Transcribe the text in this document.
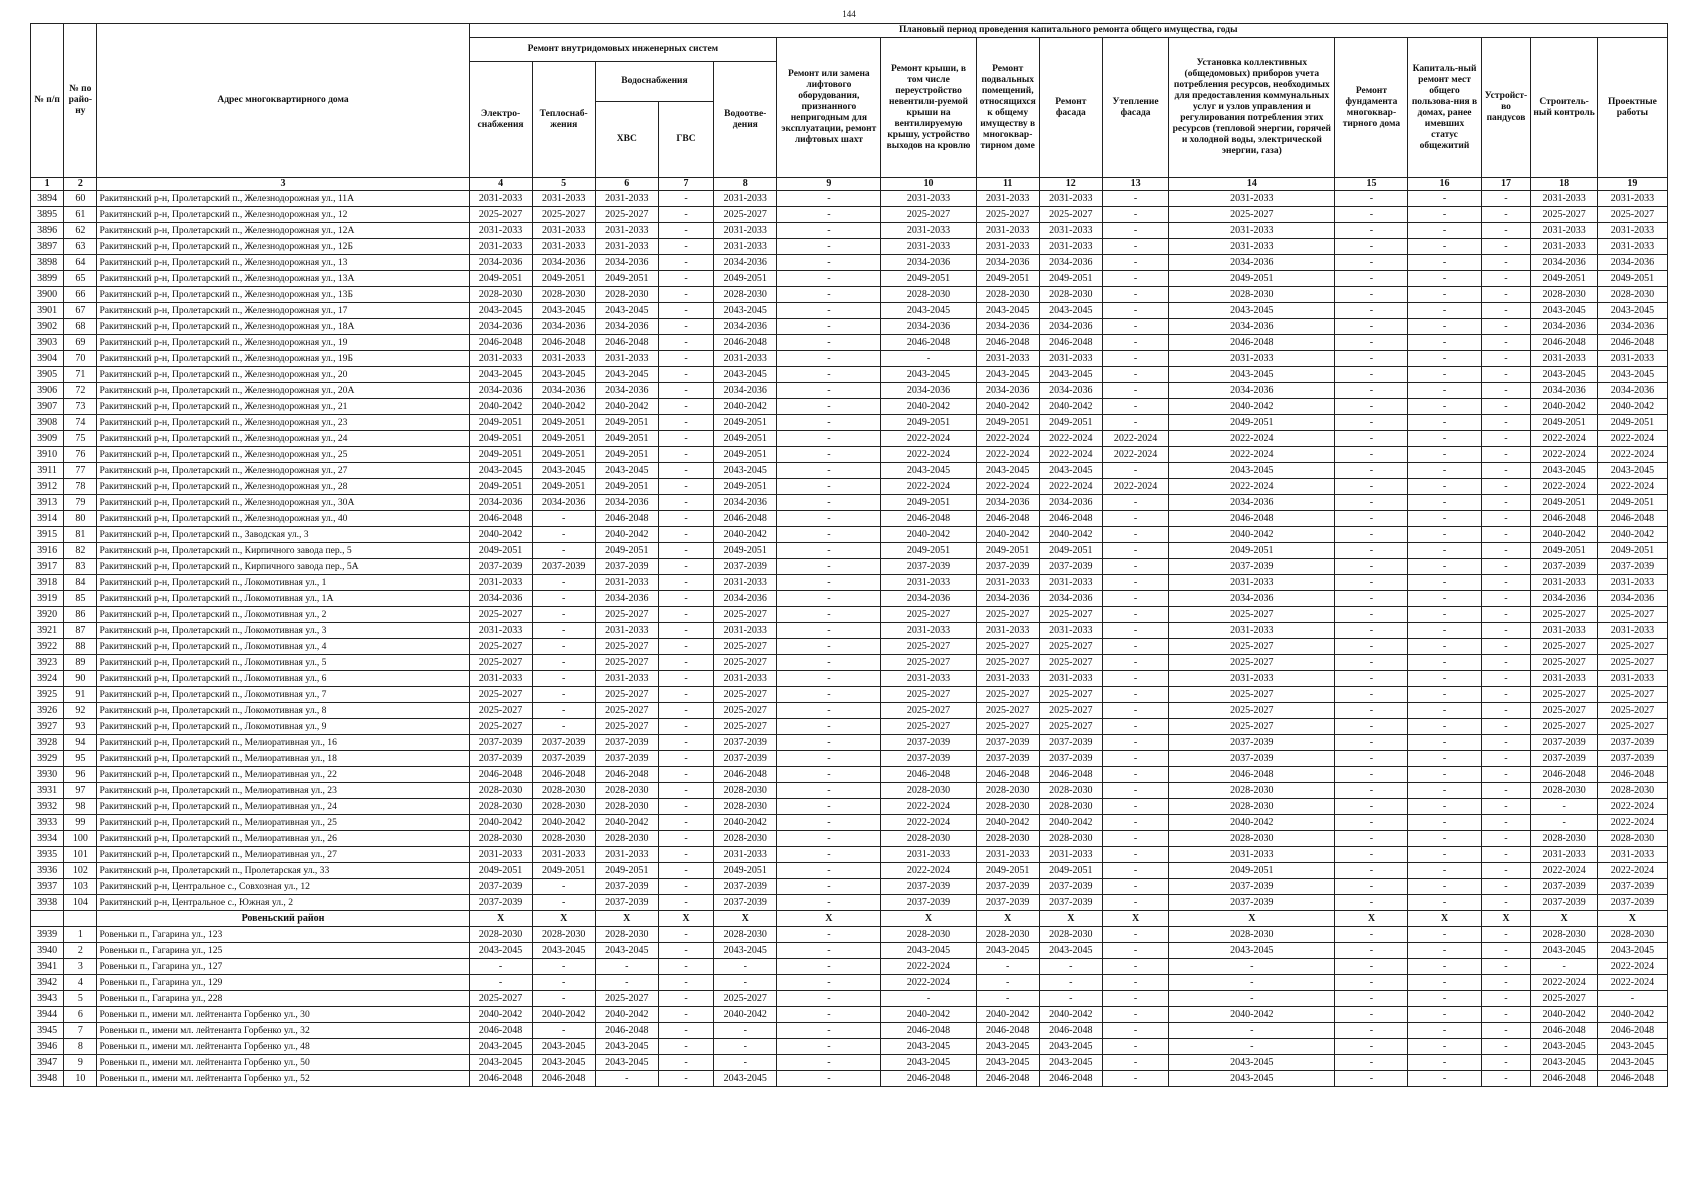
144
№ п/п	№ по райо-ну	Адрес многоквартирного дома	Плановый период проведения капитального ремонта общего имущества, годы															
			Ремонт внутридомовых инженерных систем					Ремонт или замена лифтового оборудования, признанного непригодным для эксплуатации, ремонт лифтовых шахт	Ремонт крыши, в том числе переустройство невентили-руемой крыши на вентилируемую крышу, устройство выходов на кровлю	Ремонт подвальных помещений, относящихся к общему имуществу в многоквар-тирном доме	Ремонт фасада	Утепление фасада	Установка коллективных (общедомовых) приборов учета потребления ресурсов, необходимых для предоставления коммунальных услуг и узлов управления и регулирования потребления этих ресурсов (тепловой энергии, горячей и холодной воды, электрической энергии, газа)	Ремонт фундамента многоквар-тирного дома	Капиталь-ный ремонт мест общего пользова-ния в домах, ранее имевших статус общежитий	Устройст-во пандусов	Строитель-ный контроль	Проектные работы
			Электро-снабжения	Теплоснаб-жения	Водоснабжения		Водоотве-дения											
					ХВС	ГВС												
1	2	3	4	5	6	7	8	9	10	11	12	13	14	15	16	17	18	19
3894	60	Ракитянский р-н, Пролетарский п., Железнодорожная ул., 11А	2031-2033	2031-2033	2031-2033	-	2031-2033	-	2031-2033	2031-2033	2031-2033	-	2031-2033	-	-	-	2031-2033	2031-2033
3895	61	Ракитянский р-н, Пролетарский п., Железнодорожная ул., 12	2025-2027	2025-2027	2025-2027	-	2025-2027	-	2025-2027	2025-2027	2025-2027	-	2025-2027	-	-	-	2025-2027	2025-2027
3896	62	Ракитянский р-н, Пролетарский п., Железнодорожная ул., 12А	2031-2033	2031-2033	2031-2033	-	2031-2033	-	2031-2033	2031-2033	2031-2033	-	2031-2033	-	-	-	2031-2033	2031-2033
3897	63	Ракитянский р-н, Пролетарский п., Железнодорожная ул., 12Б	2031-2033	2031-2033	2031-2033	-	2031-2033	-	2031-2033	2031-2033	2031-2033	-	2031-2033	-	-	-	2031-2033	2031-2033
3898	64	Ракитянский р-н, Пролетарский п., Железнодорожная ул., 13	2034-2036	2034-2036	2034-2036	-	2034-2036	-	2034-2036	2034-2036	2034-2036	-	2034-2036	-	-	-	2034-2036	2034-2036
3899	65	Ракитянский р-н, Пролетарский п., Железнодорожная ул., 13А	2049-2051	2049-2051	2049-2051	-	2049-2051	-	2049-2051	2049-2051	2049-2051	-	2049-2051	-	-	-	2049-2051	2049-2051
3900	66	Ракитянский р-н, Пролетарский п., Железнодорожная ул., 13Б	2028-2030	2028-2030	2028-2030	-	2028-2030	-	2028-2030	2028-2030	2028-2030	-	2028-2030	-	-	-	2028-2030	2028-2030
3901	67	Ракитянский р-н, Пролетарский п., Железнодорожная ул., 17	2043-2045	2043-2045	2043-2045	-	2043-2045	-	2043-2045	2043-2045	2043-2045	-	2043-2045	-	-	-	2043-2045	2043-2045
3902	68	Ракитянский р-н, Пролетарский п., Железнодорожная ул., 18А	2034-2036	2034-2036	2034-2036	-	2034-2036	-	2034-2036	2034-2036	2034-2036	-	2034-2036	-	-	-	2034-2036	2034-2036
3903	69	Ракитянский р-н, Пролетарский п., Железнодорожная ул., 19	2046-2048	2046-2048	2046-2048	-	2046-2048	-	2046-2048	2046-2048	2046-2048	-	2046-2048	-	-	-	2046-2048	2046-2048
3904	70	Ракитянский р-н, Пролетарский п., Железнодорожная ул., 19Б	2031-2033	2031-2033	2031-2033	-	2031-2033	-	-	2031-2033	2031-2033	-	2031-2033	-	-	-	2031-2033	2031-2033
3905	71	Ракитянский р-н, Пролетарский п., Железнодорожная ул., 20	2043-2045	2043-2045	2043-2045	-	2043-2045	-	2043-2045	2043-2045	2043-2045	-	2043-2045	-	-	-	2043-2045	2043-2045
3906	72	Ракитянский р-н, Пролетарский п., Железнодорожная ул., 20А	2034-2036	2034-2036	2034-2036	-	2034-2036	-	2034-2036	2034-2036	2034-2036	-	2034-2036	-	-	-	2034-2036	2034-2036
3907	73	Ракитянский р-н, Пролетарский п., Железнодорожная ул., 21	2040-2042	2040-2042	2040-2042	-	2040-2042	-	2040-2042	2040-2042	2040-2042	-	2040-2042	-	-	-	2040-2042	2040-2042
3908	74	Ракитянский р-н, Пролетарский п., Железнодорожная ул., 23	2049-2051	2049-2051	2049-2051	-	2049-2051	-	2049-2051	2049-2051	2049-2051	-	2049-2051	-	-	-	2049-2051	2049-2051
3909	75	Ракитянский р-н, Пролетарский п., Железнодорожная ул., 24	2049-2051	2049-2051	2049-2051	-	2049-2051	-	2022-2024	2022-2024	2022-2024	2022-2024	2022-2024	-	-	-	2022-2024	2022-2024
3910	76	Ракитянский р-н, Пролетарский п., Железнодорожная ул., 25	2049-2051	2049-2051	2049-2051	-	2049-2051	-	2022-2024	2022-2024	2022-2024	2022-2024	2022-2024	-	-	-	2022-2024	2022-2024
3911	77	Ракитянский р-н, Пролетарский п., Железнодорожная ул., 27	2043-2045	2043-2045	2043-2045	-	2043-2045	-	2043-2045	2043-2045	2043-2045	-	2043-2045	-	-	-	2043-2045	2043-2045
3912	78	Ракитянский р-н, Пролетарский п., Железнодорожная ул., 28	2049-2051	2049-2051	2049-2051	-	2049-2051	-	2022-2024	2022-2024	2022-2024	2022-2024	2022-2024	-	-	-	2022-2024	2022-2024
3913	79	Ракитянский р-н, Пролетарский п., Железнодорожная ул., 30А	2034-2036	2034-2036	2034-2036	-	2034-2036	-	2049-2051	2034-2036	2034-2036	-	2034-2036	-	-	-	2049-2051	2049-2051
3914	80	Ракитянский р-н, Пролетарский п., Железнодорожная ул., 40	2046-2048	-	2046-2048	-	2046-2048	-	2046-2048	2046-2048	2046-2048	-	2046-2048	-	-	-	2046-2048	2046-2048
3915	81	Ракитянский р-н, Пролетарский п., Заводская ул., 3	2040-2042	-	2040-2042	-	2040-2042	-	2040-2042	2040-2042	2040-2042	-	2040-2042	-	-	-	2040-2042	2040-2042
3916	82	Ракитянский р-н, Пролетарский п., Кирпичного завода пер., 5	2049-2051	-	2049-2051	-	2049-2051	-	2049-2051	2049-2051	2049-2051	-	2049-2051	-	-	-	2049-2051	2049-2051
3917	83	Ракитянский р-н, Пролетарский п., Кирпичного завода пер., 5А	2037-2039	2037-2039	2037-2039	-	2037-2039	-	2037-2039	2037-2039	2037-2039	-	2037-2039	-	-	-	2037-2039	2037-2039
3918	84	Ракитянский р-н, Пролетарский п., Локомотивная ул., 1	2031-2033	-	2031-2033	-	2031-2033	-	2031-2033	2031-2033	2031-2033	-	2031-2033	-	-	-	2031-2033	2031-2033
3919	85	Ракитянский р-н, Пролетарский п., Локомотивная ул., 1А	2034-2036	-	2034-2036	-	2034-2036	-	2034-2036	2034-2036	2034-2036	-	2034-2036	-	-	-	2034-2036	2034-2036
3920	86	Ракитянский р-н, Пролетарский п., Локомотивная ул., 2	2025-2027	-	2025-2027	-	2025-2027	-	2025-2027	2025-2027	2025-2027	-	2025-2027	-	-	-	2025-2027	2025-2027
3921	87	Ракитянский р-н, Пролетарский п., Локомотивная ул., 3	2031-2033	-	2031-2033	-	2031-2033	-	2031-2033	2031-2033	2031-2033	-	2031-2033	-	-	-	2031-2033	2031-2033
3922	88	Ракитянский р-н, Пролетарский п., Локомотивная ул., 4	2025-2027	-	2025-2027	-	2025-2027	-	2025-2027	2025-2027	2025-2027	-	2025-2027	-	-	-	2025-2027	2025-2027
3923	89	Ракитянский р-н, Пролетарский п., Локомотивная ул., 5	2025-2027	-	2025-2027	-	2025-2027	-	2025-2027	2025-2027	2025-2027	-	2025-2027	-	-	-	2025-2027	2025-2027
3924	90	Ракитянский р-н, Пролетарский п., Локомотивная ул., 6	2031-2033	-	2031-2033	-	2031-2033	-	2031-2033	2031-2033	2031-2033	-	2031-2033	-	-	-	2031-2033	2031-2033
3925	91	Ракитянский р-н, Пролетарский п., Локомотивная ул., 7	2025-2027	-	2025-2027	-	2025-2027	-	2025-2027	2025-2027	2025-2027	-	2025-2027	-	-	-	2025-2027	2025-2027
3926	92	Ракитянский р-н, Пролетарский п., Локомотивная ул., 8	2025-2027	-	2025-2027	-	2025-2027	-	2025-2027	2025-2027	2025-2027	-	2025-2027	-	-	-	2025-2027	2025-2027
3927	93	Ракитянский р-н, Пролетарский п., Локомотивная ул., 9	2025-2027	-	2025-2027	-	2025-2027	-	2025-2027	2025-2027	2025-2027	-	2025-2027	-	-	-	2025-2027	2025-2027
3928	94	Ракитянский р-н, Пролетарский п., Мелиоративная ул., 16	2037-2039	2037-2039	2037-2039	-	2037-2039	-	2037-2039	2037-2039	2037-2039	-	2037-2039	-	-	-	2037-2039	2037-2039
3929	95	Ракитянский р-н, Пролетарский п., Мелиоративная ул., 18	2037-2039	2037-2039	2037-2039	-	2037-2039	-	2037-2039	2037-2039	2037-2039	-	2037-2039	-	-	-	2037-2039	2037-2039
3930	96	Ракитянский р-н, Пролетарский п., Мелиоративная ул., 22	2046-2048	2046-2048	2046-2048	-	2046-2048	-	2046-2048	2046-2048	2046-2048	-	2046-2048	-	-	-	2046-2048	2046-2048
3931	97	Ракитянский р-н, Пролетарский п., Мелиоративная ул., 23	2028-2030	2028-2030	2028-2030	-	2028-2030	-	2028-2030	2028-2030	2028-2030	-	2028-2030	-	-	-	2028-2030	2028-2030
3932	98	Ракитянский р-н, Пролетарский п., Мелиоративная ул., 24	2028-2030	2028-2030	2028-2030	-	2028-2030	-	2022-2024	2028-2030	2028-2030	-	2028-2030	-	-	-	-	2022-2024
3933	99	Ракитянский р-н, Пролетарский п., Мелиоративная ул., 25	2040-2042	2040-2042	2040-2042	-	2040-2042	-	2022-2024	2040-2042	2040-2042	-	2040-2042	-	-	-	-	2022-2024
3934	100	Ракитянский р-н, Пролетарский п., Мелиоративная ул., 26	2028-2030	2028-2030	2028-2030	-	2028-2030	-	2028-2030	2028-2030	2028-2030	-	2028-2030	-	-	-	2028-2030	2028-2030
3935	101	Ракитянский р-н, Пролетарский п., Мелиоративная ул., 27	2031-2033	2031-2033	2031-2033	-	2031-2033	-	2031-2033	2031-2033	2031-2033	-	2031-2033	-	-	-	2031-2033	2031-2033
3936	102	Ракитянский р-н, Пролетарский п., Пролетарская ул., 33	2049-2051	2049-2051	2049-2051	-	2049-2051	-	2022-2024	2049-2051	2049-2051	-	2049-2051	-	-	-	2022-2024	2022-2024
3937	103	Ракитянский р-н, Центральное с., Совхозная ул., 12	2037-2039	-	2037-2039	-	2037-2039	-	2037-2039	2037-2039	2037-2039	-	2037-2039	-	-	-	2037-2039	2037-2039
3938	104	Ракитянский р-н, Центральное с., Южная ул., 2	2037-2039	-	2037-2039	-	2037-2039	-	2037-2039	2037-2039	2037-2039	-	2037-2039	-	-	-	2037-2039	2037-2039
		Ровеньский район	X	X	X	X	X	X	X	X	X	X	X	X	X	X	X	X
3939	1	Ровеньки п., Гагарина ул., 123	2028-2030	2028-2030	2028-2030	-	2028-2030	-	2028-2030	2028-2030	2028-2030	-	2028-2030	-	-	-	2028-2030	2028-2030
3940	2	Ровеньки п., Гагарина ул., 125	2043-2045	2043-2045	2043-2045	-	2043-2045	-	2043-2045	2043-2045	2043-2045	-	2043-2045	-	-	-	2043-2045	2043-2045
3941	3	Ровеньки п., Гагарина ул., 127	-	-	-	-	-	-	2022-2024	-	-	-	-	-	-	-	-	2022-2024
3942	4	Ровеньки п., Гагарина ул., 129	-	-	-	-	-	-	2022-2024	-	-	-	-	-	-	-	2022-2024	2022-2024
3943	5	Ровеньки п., Гагарина ул., 228	2025-2027	-	2025-2027	-	2025-2027	-	-	-	-	-	-	-	-	-	2025-2027	-
3944	6	Ровеньки п., имени мл. лейтенанта Горбенко ул., 30	2040-2042	2040-2042	2040-2042	-	2040-2042	-	2040-2042	2040-2042	2040-2042	-	2040-2042	-	-	-	2040-2042	2040-2042
3945	7	Ровеньки п., имени мл. лейтенанта Горбенко ул., 32	2046-2048	-	2046-2048	-	-	-	2046-2048	2046-2048	2046-2048	-	-	-	-	-	2046-2048	2046-2048
3946	8	Ровеньки п., имени мл. лейтенанта Горбенко ул., 48	2043-2045	2043-2045	2043-2045	-	-	-	2043-2045	2043-2045	2043-2045	-	-	-	-	-	2043-2045	2043-2045
3947	9	Ровеньки п., имени мл. лейтенанта Горбенко ул., 50	2043-2045	2043-2045	2043-2045	-	-	-	2043-2045	2043-2045	2043-2045	-	2043-2045	-	-	-	2043-2045	2043-2045
3948	10	Ровеньки п., имени мл. лейтенанта Горбенко ул., 52	2046-2048	2046-2048	-	-	2043-2045	-	2046-2048	2046-2048	2046-2048	-	2043-2045	-	-	-	2046-2048	2046-2048
